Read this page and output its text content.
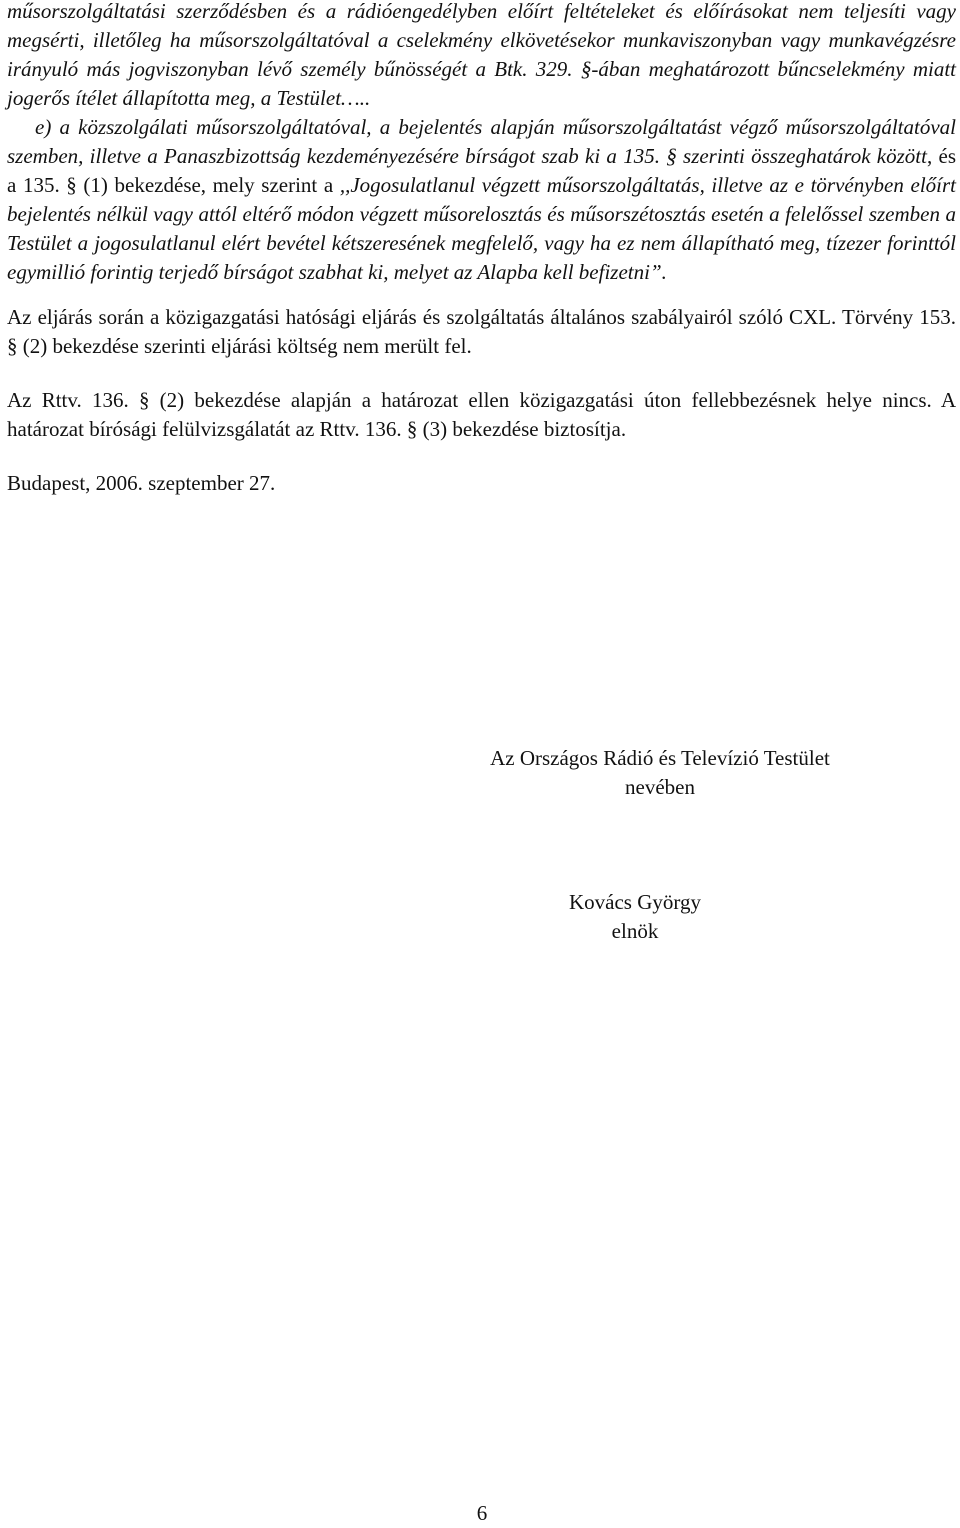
műsorszolgáltatási szerződésben és a rádióengedélyben előírt feltételeket és előírásokat nem teljesíti vagy megsérti, illetőleg ha műsorszolgáltatóval a cselekmény elkövetésekor munkaviszonyban vagy munkavégzésre irányuló más jogviszonyban lévő személy bűnösségét a Btk. 329. §-ában meghatározott bűncselekmény miatt jogerős ítélet állapította meg, a Testület…..

e) a közszolgálati műsorszolgáltatóval, a bejelentés alapján műsorszolgáltatást végző műsorszolgáltatóval szemben, illetve a Panaszbizottság kezdeményezésére bírságot szab ki a 135. § szerinti összeghatárok között, és a 135. § (1) bekezdése, mely szerint a ,,Jogosulatlanul végzett műsorszolgáltatás, illetve az e törvényben előírt bejelentés nélkül vagy attól eltérő módon végzett műsorelosztás és műsorszétosztás esetén a felelőssel szemben a Testület a jogosulatlanul elért bevétel kétszeresének megfelelő, vagy ha ez nem állapítható meg, tízezer forinttól egymillió forintig terjedő bírságot szabhat ki, melyet az Alapba kell befizetni”.

Az eljárás során a közigazgatási hatósági eljárás és szolgáltatás általános szabályairól szóló CXL. Törvény 153. § (2) bekezdése szerinti eljárási költség nem merült fel.

Az Rttv. 136. § (2) bekezdése alapján a határozat ellen közigazgatási úton fellebbezésnek helye nincs. A határozat bírósági felülvizsgálatát az Rttv. 136. § (3) bekezdése biztosítja.

Budapest, 2006. szeptember 27.

Az Országos Rádió és Televízió Testület
nevében
Kovács György
elnök
6
